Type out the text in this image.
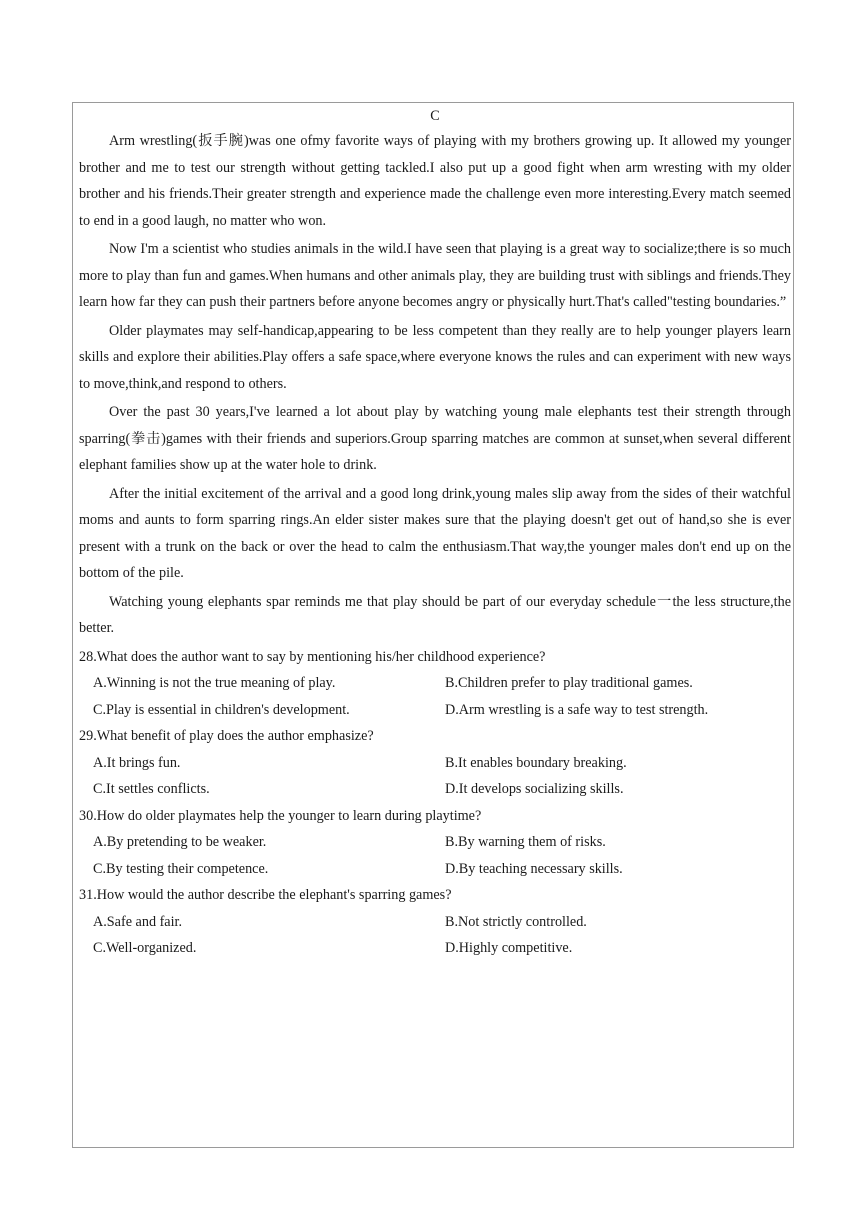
C

Arm wrestling(扳手腕)was one ofmy favorite ways of playing with my brothers growing up. It allowed my younger brother and me to test our strength without getting tackled.I also put up a good fight when arm wresting with my older brother and his friends.Their greater strength and experience made the challenge even more interesting.Every match seemed to end in a good laugh, no matter who won.

Now I'm a scientist who studies animals in the wild.I have seen that playing is a great way to socialize;there is so much more to play than fun and games.When humans and other animals play, they are building trust with siblings and friends.They learn how far they can push their partners before anyone becomes angry or physically hurt.That's called"testing boundaries.”

Older playmates may self-handicap,appearing to be less competent than they really are to help younger players learn skills and explore their abilities.Play offers a safe space,where everyone knows the rules and can experiment with new ways to move,think,and respond to others.

Over the past 30 years,I've learned a lot about play by watching young male elephants test their strength through sparring(拳击)games with their friends and superiors.Group sparring matches are common at sunset,when several different elephant families show up at the water hole to drink.

After the initial excitement of the arrival and a good long drink,young males slip away from the sides of their watchful moms and aunts to form sparring rings.An elder sister makes sure that the playing doesn't get out of hand,so she is ever present with a trunk on the back or over the head to calm the enthusiasm.That way,the younger males don't end up on the bottom of the pile.

Watching young elephants spar reminds me that play should be part of our everyday schedule一the less structure,the better.

28.What does the author want to say by mentioning his/her childhood experience?
A.Winning is not the true meaning of play.	B.Children prefer to play traditional games.
C.Play is essential in children's development.	D.Arm wrestling is a safe way to test strength.
29.What benefit of play does the author emphasize?
A.It brings fun.	B.It enables boundary breaking.
C.It settles conflicts.	D.It develops socializing skills.
30.How do older playmates help the younger to learn during playtime?
A.By pretending to be weaker.	B.By warning them of risks.
C.By testing their competence.	D.By teaching necessary skills.
31.How would the author describe the elephant's sparring games?
A.Safe and fair.	B.Not strictly controlled.
C.Well-organized.	D.Highly competitive.
